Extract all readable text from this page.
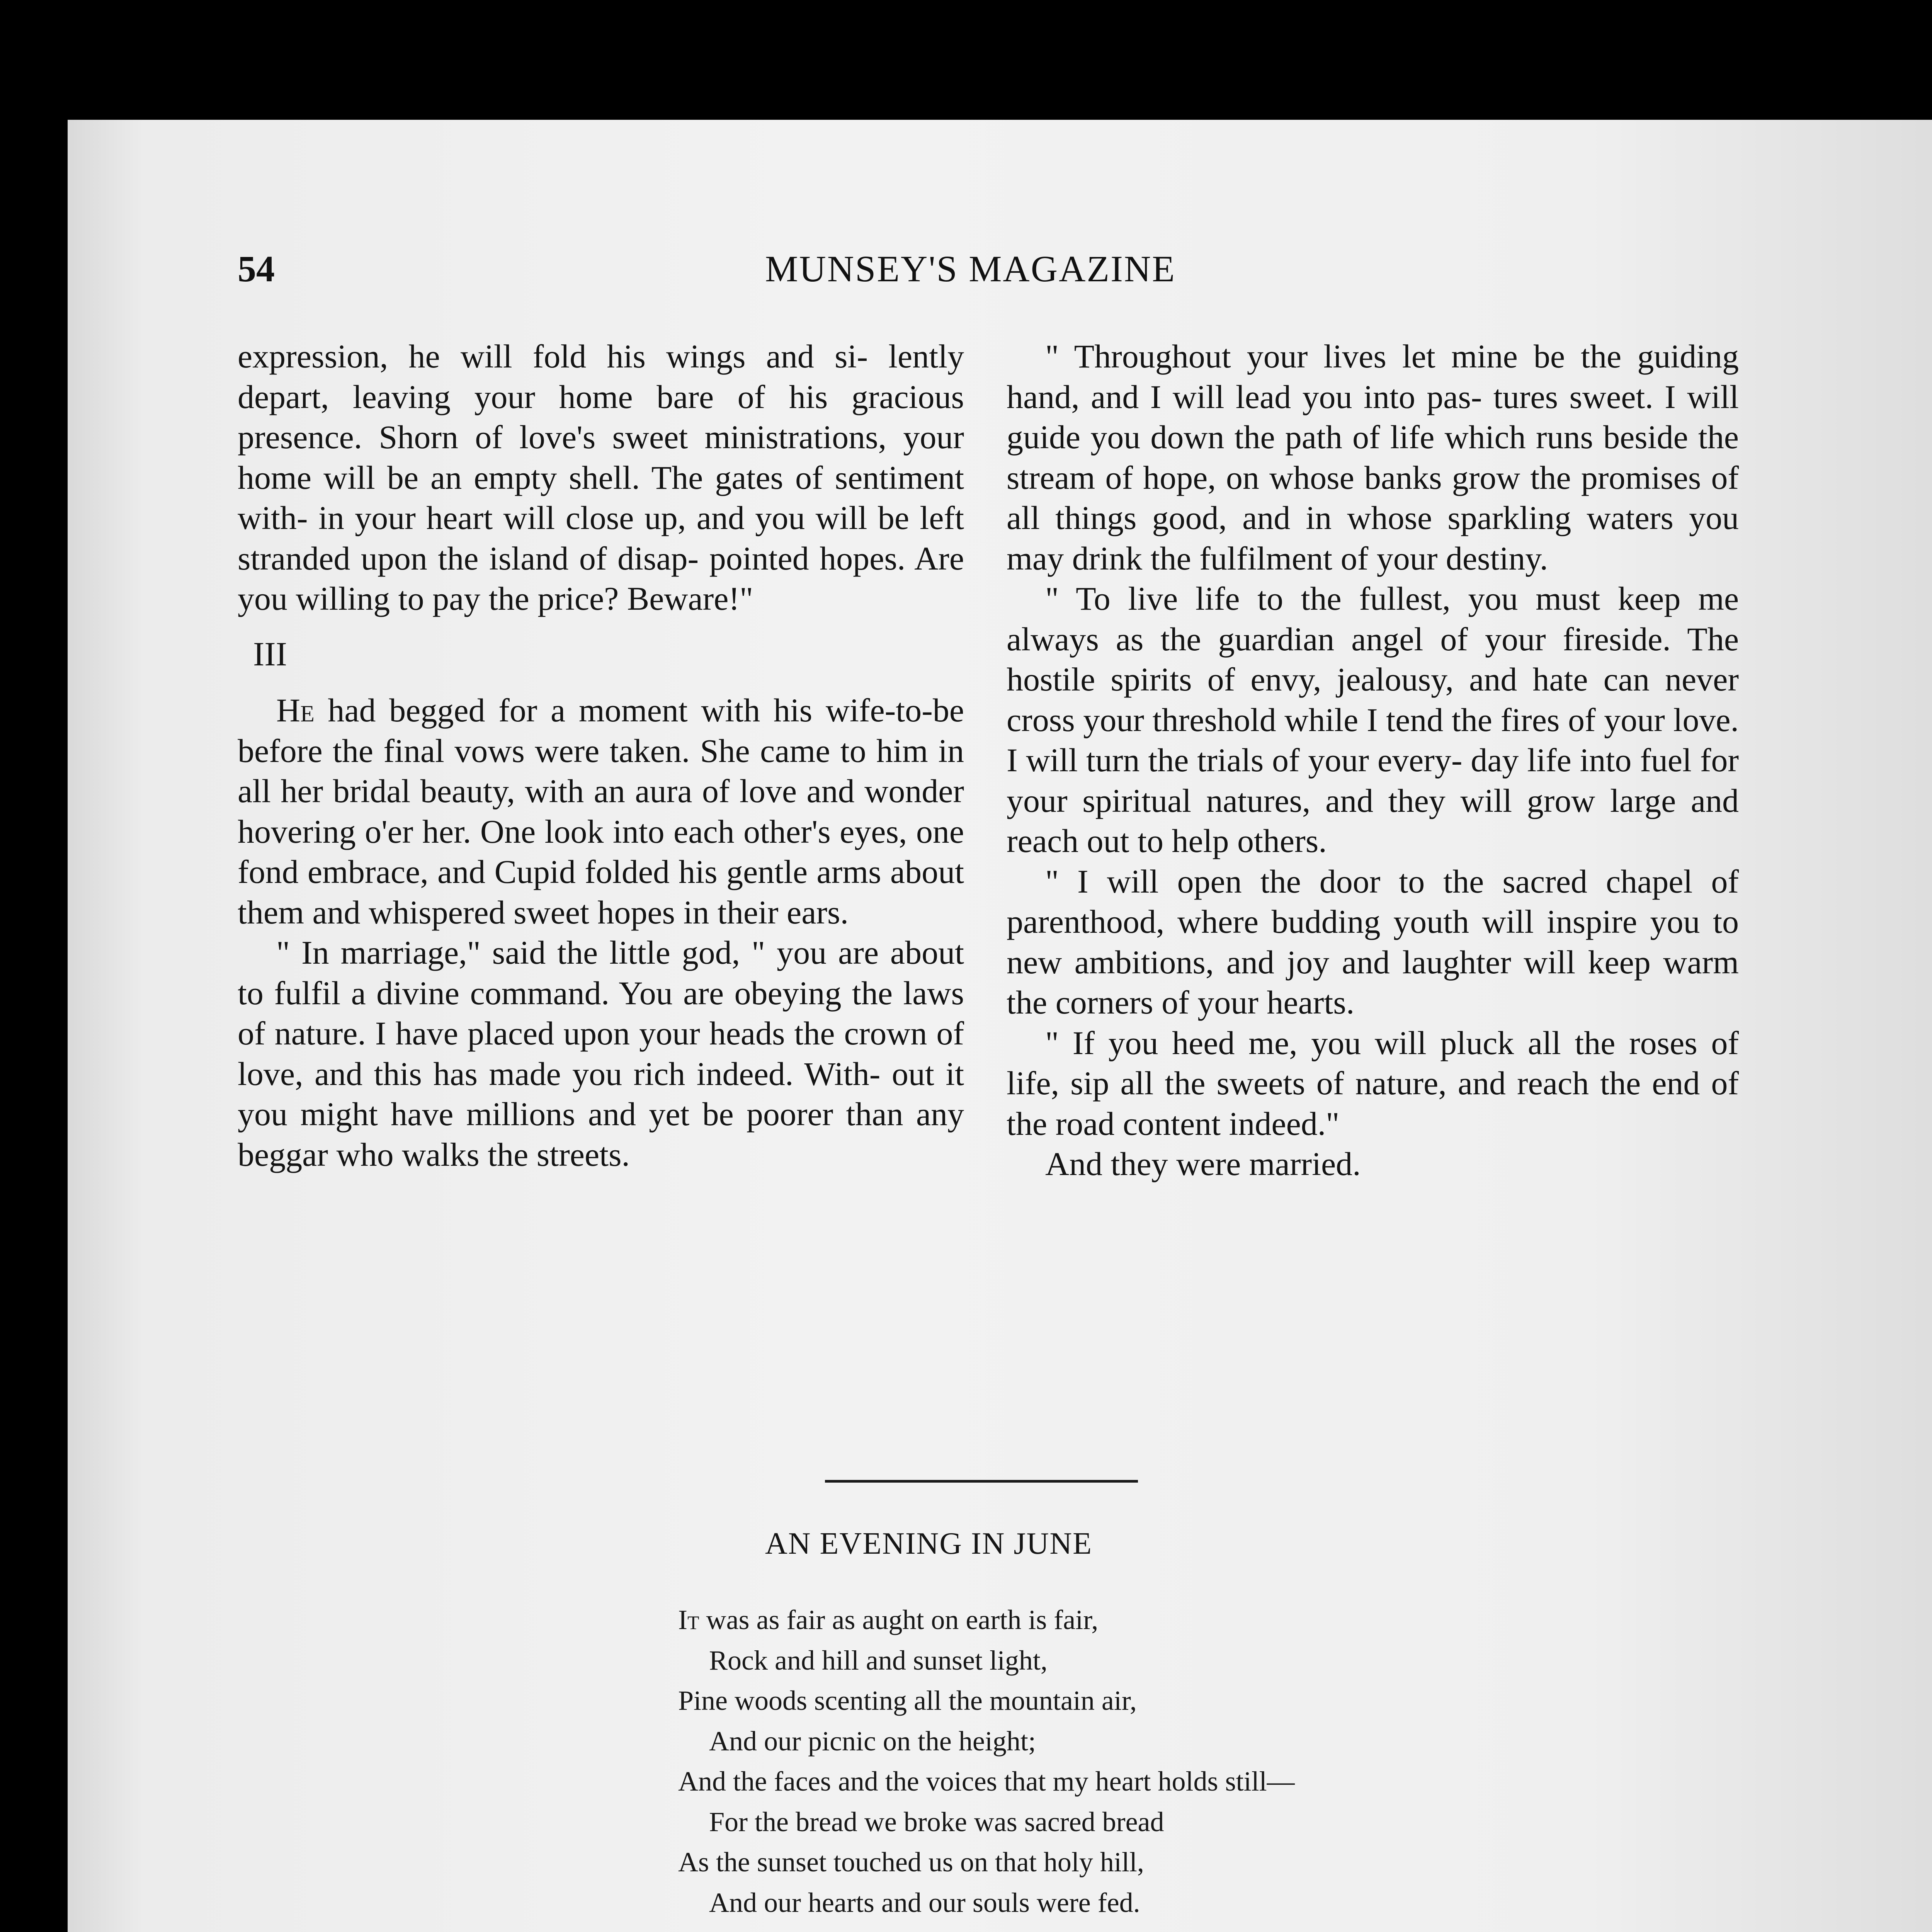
54	MUNSEY'S MAGAZINE

expression, he will fold his wings and si- lently depart, leaving your home bare of his gracious presence. Shorn of love's sweet ministrations, your home will be an empty shell. The gates of sentiment with- in your heart will close up, and you will be left stranded upon the island of disap- pointed hopes. Are you willing to pay the price? Beware!"

III

He had begged for a moment with his wife-to-be before the final vows were taken. She came to him in all her bridal beauty, with an aura of love and wonder hovering o'er her. One look into each other's eyes, one fond embrace, and Cupid folded his gentle arms about them and whispered sweet hopes in their ears.

" In marriage," said the little god, " you are about to fulfil a divine command. You are obeying the laws of nature. I have placed upon your heads the crown of love, and this has made you rich indeed. With- out it you might have millions and yet be poorer than any beggar who walks the streets.

" Throughout your lives let mine be the guiding hand, and I will lead you into pas- tures sweet. I will guide you down the path of life which runs beside the stream of hope, on whose banks grow the promises of all things good, and in whose sparkling waters you may drink the fulfilment of your destiny.

" To live life to the fullest, you must keep me always as the guardian angel of your fireside. The hostile spirits of envy, jealousy, and hate can never cross your threshold while I tend the fires of your love. I will turn the trials of your every- day life into fuel for your spiritual natures, and they will grow large and reach out to help others.

" I will open the door to the sacred chapel of parenthood, where budding youth will inspire you to new ambitions, and joy and laughter will keep warm the corners of your hearts.

" If you heed me, you will pluck all the roses of life, sip all the sweets of nature, and reach the end of the road content indeed."

And they were married.

AN EVENING IN JUNE
It was as fair as aught on earth is fair,
Rock and hill and sunset light,
Pine woods scenting all the mountain air,
And our picnic on the height;
And the faces and the voices that my heart holds still—
For the bread we broke was sacred bread
As the sunset touched us on that holy hill,
And our hearts and our souls were fed.
